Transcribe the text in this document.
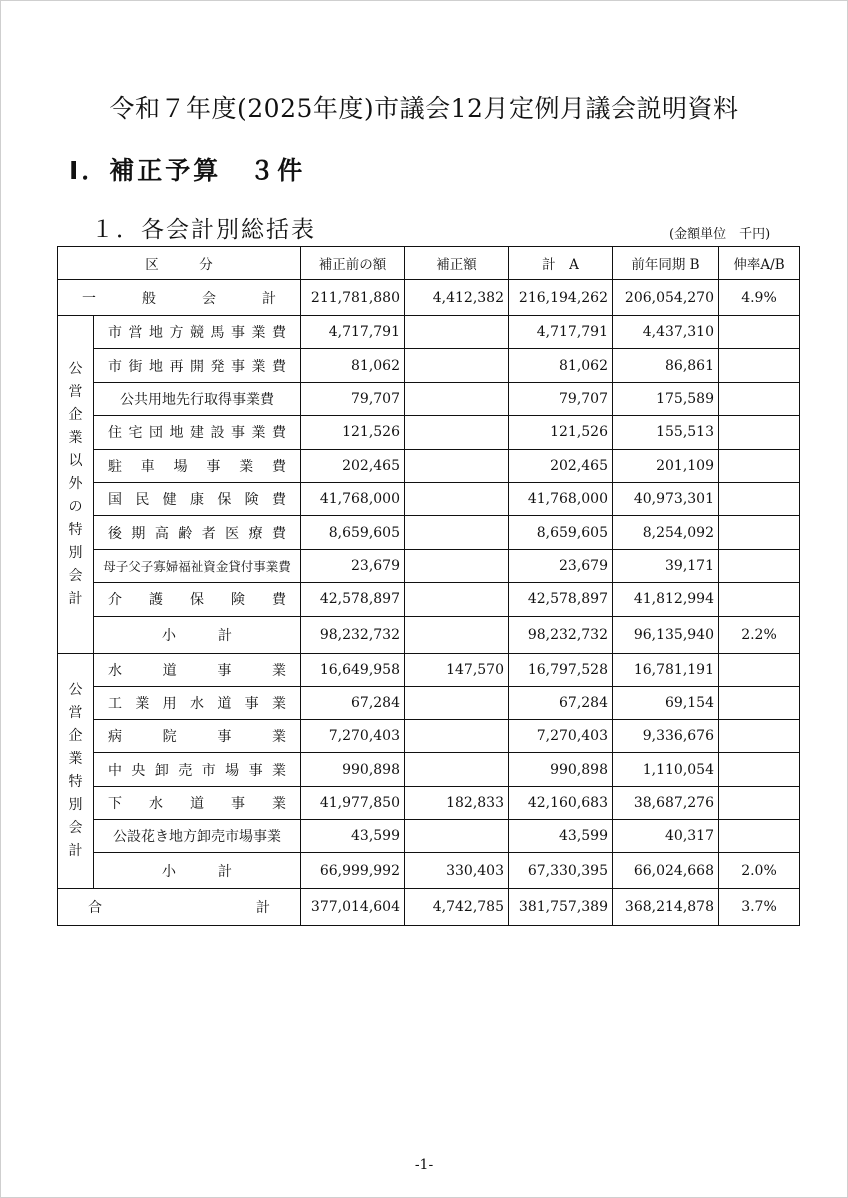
令和７年度(2025年度)市議会12月定例月議会説明資料
Ⅰ．補正予算　３件
１．各会計別総括表	(金額単位　千円)
区　　　分		補正前の額	補正額	計　A	前年同期 B	伸率A/B
一　　般　　会　　計		211,781,880	4,412,382	216,194,262	206,054,270	4.9%
公営企業以外の特別会計	市営地方競馬事業費	4,717,791		4,717,791	4,437,310	
	市街地再開発事業費	81,062		81,062	86,861	
	公共用地先行取得事業費	79,707		79,707	175,589	
	住宅団地建設事業費	121,526		121,526	155,513	
	駐車場事業費	202,465		202,465	201,109	
	国民健康保険費	41,768,000		41,768,000	40,973,301	
	後期高齢者医療費	8,659,605		8,659,605	8,254,092	
	母子父子寡婦福祉資金貸付事業費	23,679		23,679	39,171	
	介護保険費	42,578,897		42,578,897	41,812,994	
	小　　　計	98,232,732		98,232,732	96,135,940	2.2%
公営企業特別会計	水道事業	16,649,958	147,570	16,797,528	16,781,191	
	工業用水道事業	67,284		67,284	69,154	
	病院事業	7,270,403		7,270,403	9,336,676	
	中央卸売市場事業	990,898		990,898	1,110,054	
	下水道事業	41,977,850	182,833	42,160,683	38,687,276	
	公設花き地方卸売市場事業	43,599		43,599	40,317	
	小　　　計	66,999,992	330,403	67,330,395	66,024,668	2.0%
合　　　　　　　　計		377,014,604	4,742,785	381,757,389	368,214,878	3.7%
-1-
